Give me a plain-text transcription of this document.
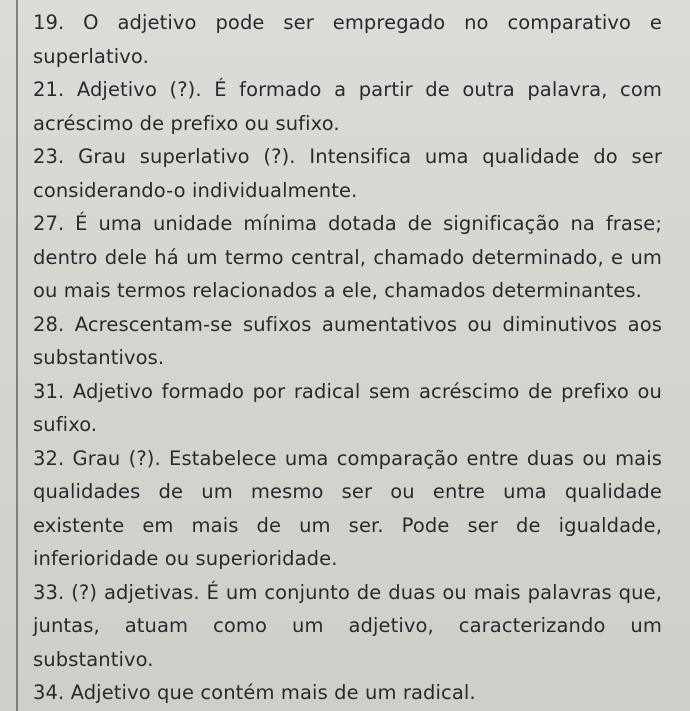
19. O adjetivo pode ser empregado no comparativo e superlativo.

21. Adjetivo (?). É formado a partir de outra palavra, com acréscimo de prefixo ou sufixo.

23. Grau superlativo (?). Intensifica uma qualidade do ser considerando-o individualmente.

27. É uma unidade mínima dotada de significação na frase; dentro dele há um termo central, chamado determinado, e um ou mais termos relacionados a ele, chamados determinantes.

28. Acrescentam-se sufixos aumentativos ou diminutivos aos substantivos.

31. Adjetivo formado por radical sem acréscimo de prefixo ou sufixo.

32. Grau (?). Estabelece uma comparação entre duas ou mais qualidades de um mesmo ser ou entre uma qualidade existente em mais de um ser. Pode ser de igualdade, inferioridade ou superioridade.

33. (?) adjetivas. É um conjunto de duas ou mais palavras que, juntas, atuam como um adjetivo, caracterizando um substantivo.

34. Adjetivo que contém mais de um radical.
